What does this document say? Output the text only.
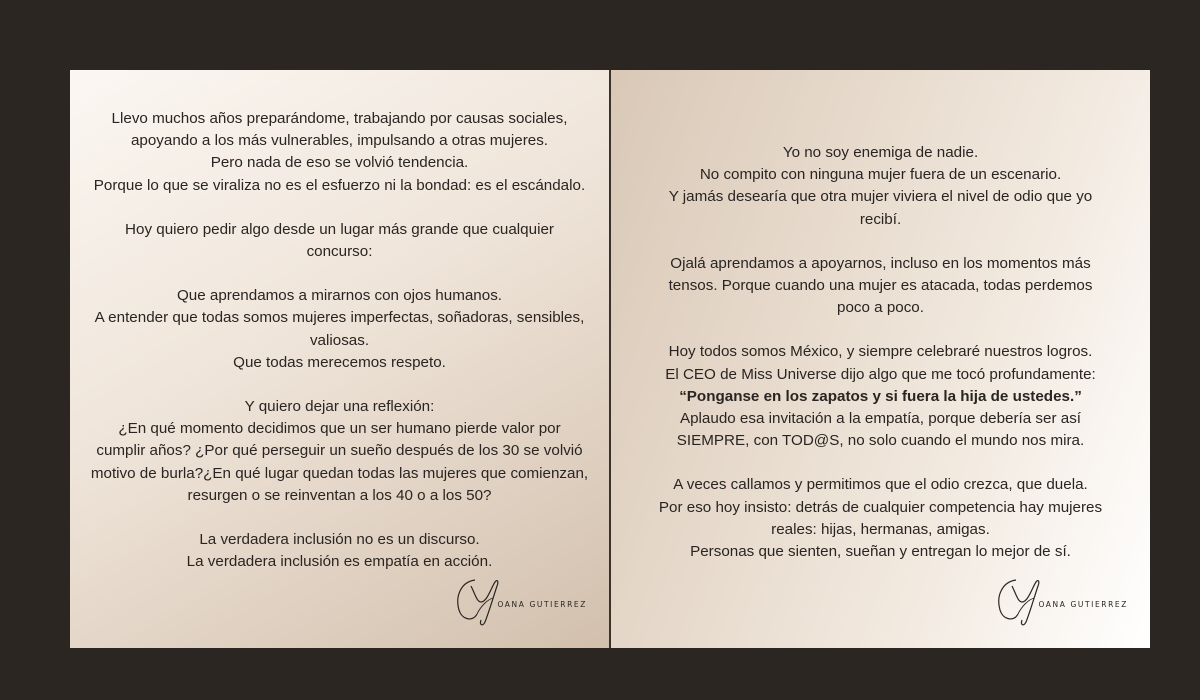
Llevo muchos años preparándome, trabajando por causas sociales,
apoyando a los más vulnerables, impulsando a otras mujeres.
Pero nada de eso se volvió tendencia.
Porque lo que se viraliza no es el esfuerzo ni la bondad: es el escándalo.

Hoy quiero pedir algo desde un lugar más grande que cualquier
concurso:

Que aprendamos a mirarnos con ojos humanos.
A entender que todas somos mujeres imperfectas, soñadoras, sensibles,
valiosas.
Que todas merecemos respeto.

Y quiero dejar una reflexión:
¿En qué momento decidimos que un ser humano pierde valor por
cumplir años? ¿Por qué perseguir un sueño después de los 30 se volvió
motivo de burla?¿En qué lugar quedan todas las mujeres que comienzan,
resurgen o se reinventan a los 40 o a los 50?

La verdadera inclusión no es un discurso.
La verdadera inclusión es empatía en acción.

OANA GUTIERREZ

Yo no soy enemiga de nadie.
No compito con ninguna mujer fuera de un escenario.
Y jamás desearía que otra mujer viviera el nivel de odio que yo
recibí.

Ojalá aprendamos a apoyarnos, incluso en los momentos más
tensos. Porque cuando una mujer es atacada, todas perdemos
poco a poco.

Hoy todos somos México, y siempre celebraré nuestros logros.
El CEO de Miss Universe dijo algo que me tocó profundamente:
“Ponganse en los zapatos y si fuera la hija de ustedes.”
Aplaudo esa invitación a la empatía, porque debería ser así
SIEMPRE, con TOD@S, no solo cuando el mundo nos mira.

A veces callamos y permitimos que el odio crezca, que duela.
Por eso hoy insisto: detrás de cualquier competencia hay mujeres
reales: hijas, hermanas, amigas.
Personas que sienten, sueñan y entregan lo mejor de sí.

OANA GUTIERREZ
